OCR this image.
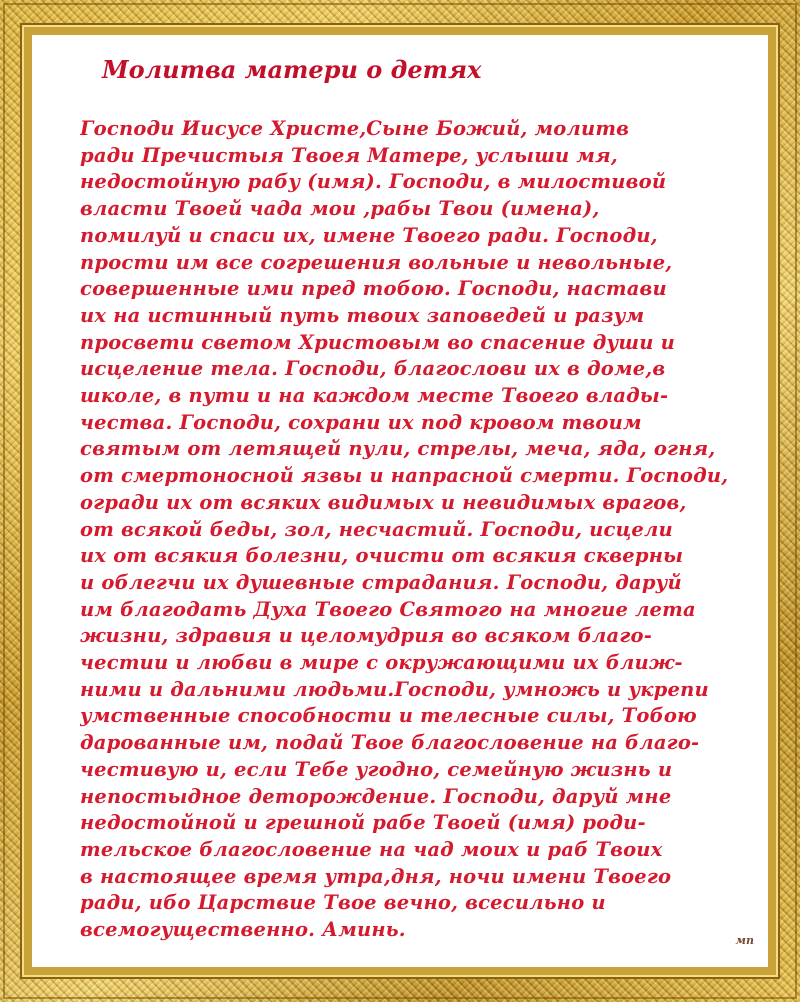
Молитва матери о детях
Господи Иисусе Христе,Сыне Божий, молитв
ради Пречистыя Твоея Матере, услыши мя,
недостойную рабу (имя). Господи, в милостивой
власти Твоей чада мои ,рабы Твои (имена),
помилуй и спаси их, имене Твоего ради. Господи,
прости им все согрешения вольные и невольные,
совершенные ими пред тобою. Господи, настави
их на истинный путь твоих заповедей и разум
просвети светом Христовым во спасение души и
исцеление тела. Господи, благослови их в доме,в
школе, в пути и на каждом месте Твоего влады-
чества. Господи, сохрани их под кровом твоим
святым от летящей пули, стрелы, меча, яда, огня,
от смертоносной язвы и напрасной смерти. Господи,
огради их от всяких видимых и невидимых врагов,
от всякой беды, зол, несчастий. Господи, исцели
их от всякия болезни, очисти от всякия скверны
и облегчи их душевные страдания. Господи, даруй
им благодать Духа Твоего Святого на многие лета
жизни, здравия и целомудрия во всяком благо-
честии и любви в мире с окружающими их ближ-
ними и дальними людьми.Господи, умножь и укрепи
умственные способности и телесные силы, Тобою
дарованные им, подай Твое благословение на благо-
честивую и, если Тебе угодно, семейную жизнь и
непостыдное деторождение. Господи, даруй мне
недостойной и грешной рабе Твоей (имя) роди-
тельское благословение на чад моих и раб Твоих
в настоящее время утра,дня, ночи имени Твоего
ради, ибо Царствие Твое вечно, всесильно и
всемогущественно. Аминь.	мп
